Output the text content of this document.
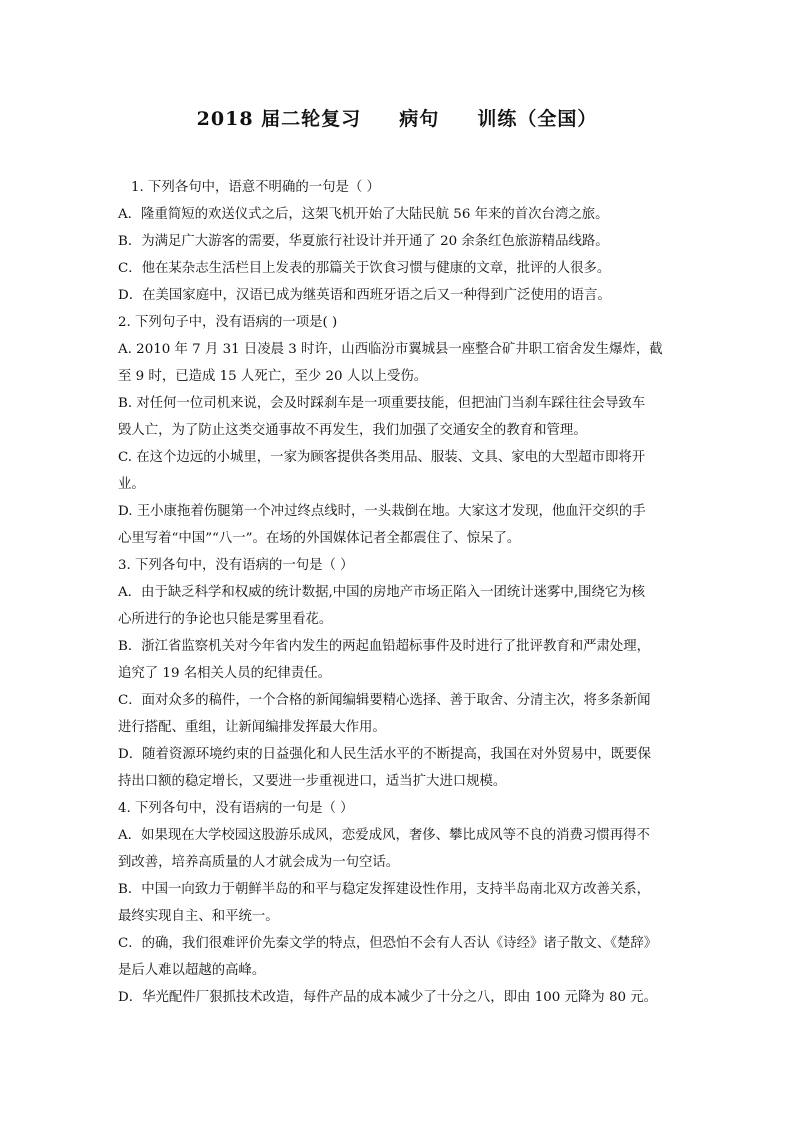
2018 届二轮复习     病句     训练（全国）

1. 下列各句中，语意不明确的一句是（ ）

A．隆重简短的欢送仪式之后，这架飞机开始了大陆民航 56 年来的首次台湾之旅。

B．为满足广大游客的需要，华夏旅行社设计并开通了 20 余条红色旅游精品线路。

C．他在某杂志生活栏目上发表的那篇关于饮食习惯与健康的文章，批评的人很多。

D．在美国家庭中，汉语已成为继英语和西班牙语之后又一种得到广泛使用的语言。

2. 下列句子中，没有语病的一项是( )

A. 2010 年 7 月 31 日凌晨 3 时许，山西临汾市翼城县一座整合矿井职工宿舍发生爆炸，截

至 9 时，已造成 15 人死亡，至少 20 人以上受伤。

B. 对任何一位司机来说，会及时踩刹车是一项重要技能，但把油门当刹车踩往往会导致车

毁人亡，为了防止这类交通事故不再发生，我们加强了交通安全的教育和管理。

C. 在这个边远的小城里，一家为顾客提供各类用品、服装、文具、家电的大型超市即将开

业。

D. 王小康拖着伤腿第一个冲过终点线时，一头栽倒在地。大家这才发现，他血汗交织的手

心里写着“中国”“八一”。在场的外国媒体记者全都震住了、惊呆了。

3. 下列各句中，没有语病的一句是（ ）

A．由于缺乏科学和权威的统计数据,中国的房地产市场正陷入一团统计迷雾中,围绕它为核

心所进行的争论也只能是雾里看花。

B．浙江省监察机关对今年省内发生的两起血铅超标事件及时进行了批评教育和严肃处理，

追究了 19 名相关人员的纪律责任。

C．面对众多的稿件，一个合格的新闻编辑要精心选择、善于取舍、分清主次，将多条新闻

进行搭配、重组，让新闻编排发挥最大作用。

D．随着资源环境约束的日益强化和人民生活水平的不断提高，我国在对外贸易中，既要保

持出口额的稳定增长，又要进一步重视进口，适当扩大进口规模。

4. 下列各句中，没有语病的一句是（ ）

A．如果现在大学校园这股游乐成风，恋爱成风，奢侈、攀比成风等不良的消费习惯再得不

到改善，培养高质量的人才就会成为一句空话。

B．中国一向致力于朝鲜半岛的和平与稳定发挥建设性作用，支持半岛南北双方改善关系，

最终实现自主、和平统一。

C．的确，我们很难评价先秦文学的特点，但恐怕不会有人否认《诗经》诸子散文、《楚辞》

是后人难以超越的高峰。

D．华光配件厂狠抓技术改造，每件产品的成本减少了十分之八，即由 100 元降为 80 元。
